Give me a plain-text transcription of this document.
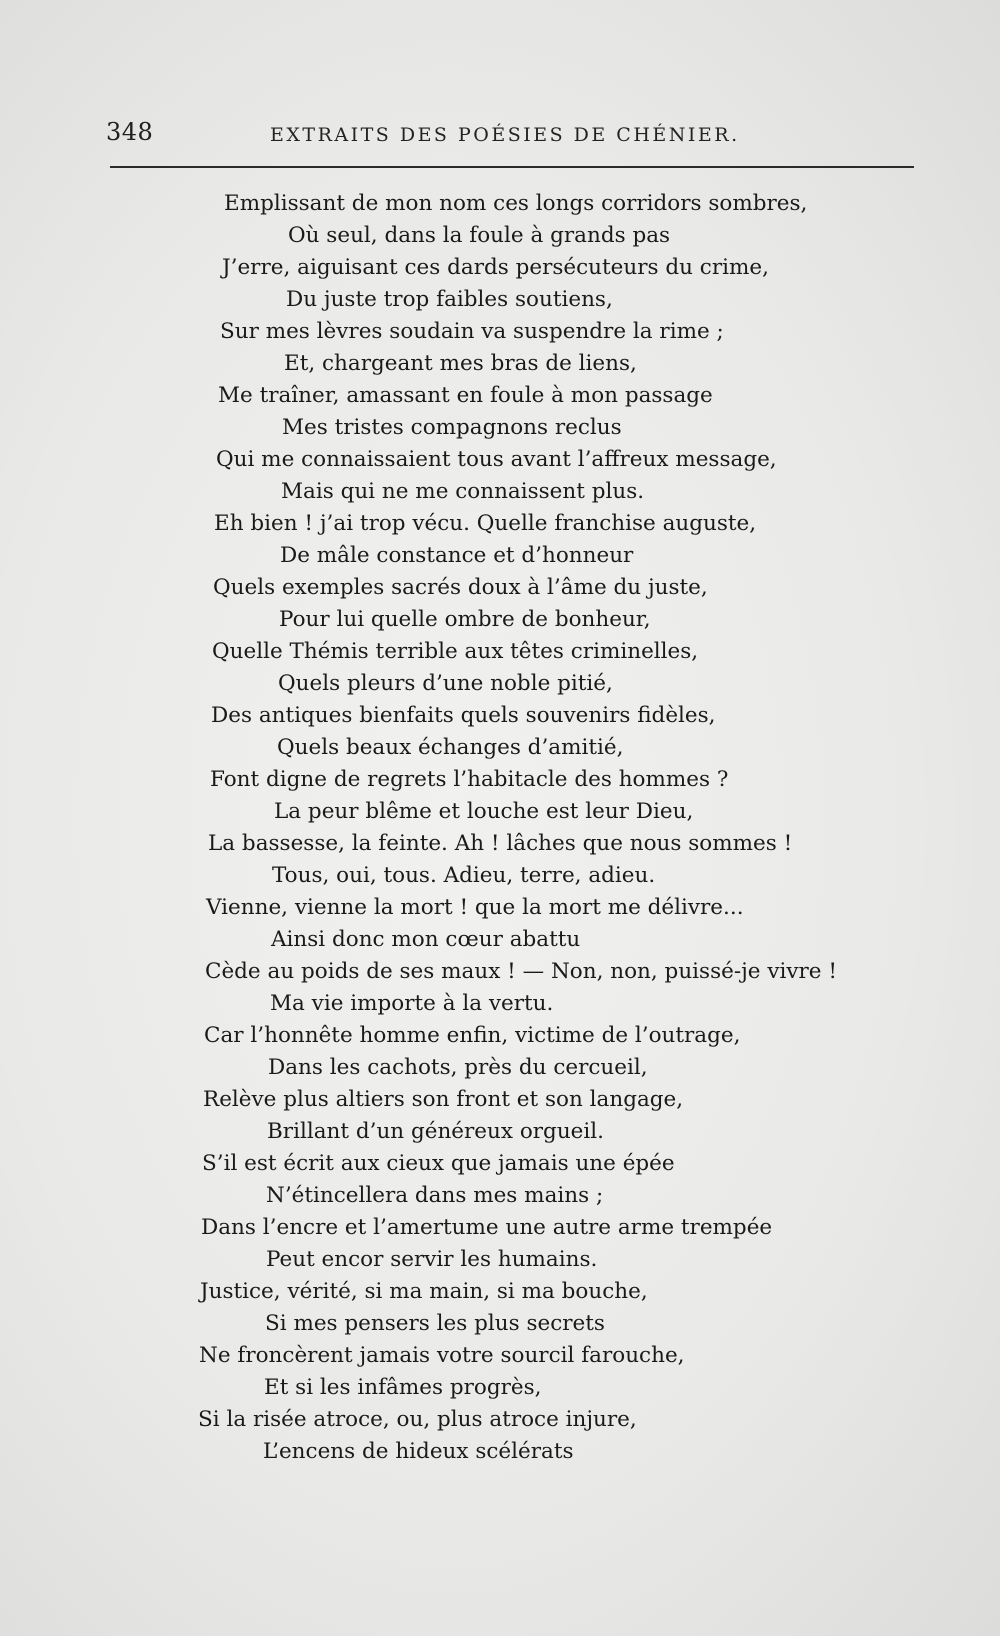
348	EXTRAITS DES POÉSIES DE CHÉNIER.
Emplissant de mon nom ces longs corridors sombres,
Où seul, dans la foule à grands pas
J’erre, aiguisant ces dards persécuteurs du crime,
Du juste trop faibles soutiens,
Sur mes lèvres soudain va suspendre la rime ;
Et, chargeant mes bras de liens,
Me traîner, amassant en foule à mon passage
Mes tristes compagnons reclus
Qui me connaissaient tous avant l’affreux message,
Mais qui ne me connaissent plus.
Eh bien ! j’ai trop vécu. Quelle franchise auguste,
De mâle constance et d’honneur
Quels exemples sacrés doux à l’âme du juste,
Pour lui quelle ombre de bonheur,
Quelle Thémis terrible aux têtes criminelles,
Quels pleurs d’une noble pitié,
Des antiques bienfaits quels souvenirs fidèles,
Quels beaux échanges d’amitié,
Font digne de regrets l’habitacle des hommes ?
La peur blême et louche est leur Dieu,
La bassesse, la feinte. Ah ! lâches que nous sommes !
Tous, oui, tous. Adieu, terre, adieu.
Vienne, vienne la mort ! que la mort me délivre...
Ainsi donc mon cœur abattu
Cède au poids de ses maux ! — Non, non, puissé-je vivre !
Ma vie importe à la vertu.
Car l’honnête homme enfin, victime de l’outrage,
Dans les cachots, près du cercueil,
Relève plus altiers son front et son langage,
Brillant d’un généreux orgueil.
S’il est écrit aux cieux que jamais une épée
N’étincellera dans mes mains ;
Dans l’encre et l’amertume une autre arme trempée
Peut encor servir les humains.
Justice, vérité, si ma main, si ma bouche,
Si mes pensers les plus secrets
Ne froncèrent jamais votre sourcil farouche,
Et si les infâmes progrès,
Si la risée atroce, ou, plus atroce injure,
L’encens de hideux scélérats
